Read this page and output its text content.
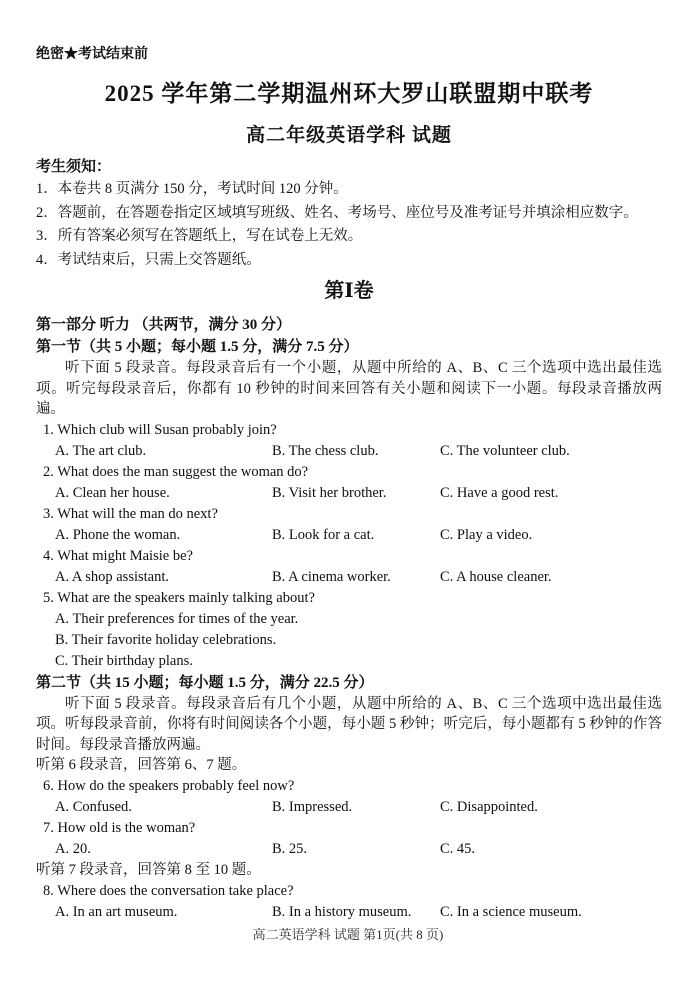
绝密★考试结束前
2025 学年第二学期温州环大罗山联盟期中联考
高二年级英语学科 试题
考生须知：
1．本卷共 8 页满分 150 分，考试时间 120 分钟。
2．答题前，在答题卷指定区域填写班级、姓名、考场号、座位号及准考证号并填涂相应数字。
3．所有答案必须写在答题纸上，写在试卷上无效。
4．考试结束后，只需上交答题纸。
第Ⅰ卷
第一部分 听力 （共两节，满分 30 分）
第一节（共 5 小题；每小题 1.5 分，满分 7.5 分）

听下面 5 段录音。每段录音后有一个小题，从题中所给的 A、B、C 三个选项中选出最佳选项。听完每段录音后，你都有 10 秒钟的时间来回答有关小题和阅读下一小题。每段录音播放两遍。

1. Which club will Susan probably join?
A. The art club.	B. The chess club.	C. The volunteer club.
2. What does the man suggest the woman do?
A. Clean her house.	B. Visit her brother.	C. Have a good rest.
3. What will the man do next?
A. Phone the woman.	B. Look for a cat.	C. Play a video.
4. What might Maisie be?
A. A shop assistant.	B. A cinema worker.	C. A house cleaner.
5. What are the speakers mainly talking about?
A. Their preferences for times of the year.
B. Their favorite holiday celebrations.
C. Their birthday plans.
第二节（共 15 小题；每小题 1.5 分，满分 22.5 分）

听下面 5 段录音。每段录音后有几个小题，从题中所给的 A、B、C 三个选项中选出最佳选项。听每段录音前，你将有时间阅读各个小题，每小题 5 秒钟；听完后，每小题都有 5 秒钟的作答时间。每段录音播放两遍。

听第 6 段录音，回答第 6、7 题。
6. How do the speakers probably feel now?
A. Confused.	B. Impressed.	C. Disappointed.
7. How old is the woman?
A. 20.	B. 25.	C. 45.
听第 7 段录音，回答第 8 至 10 题。
8. Where does the conversation take place?
A. In an art museum.	B. In a history museum.	C. In a science museum.
高二英语学科 试题 第1页(共 8 页)
